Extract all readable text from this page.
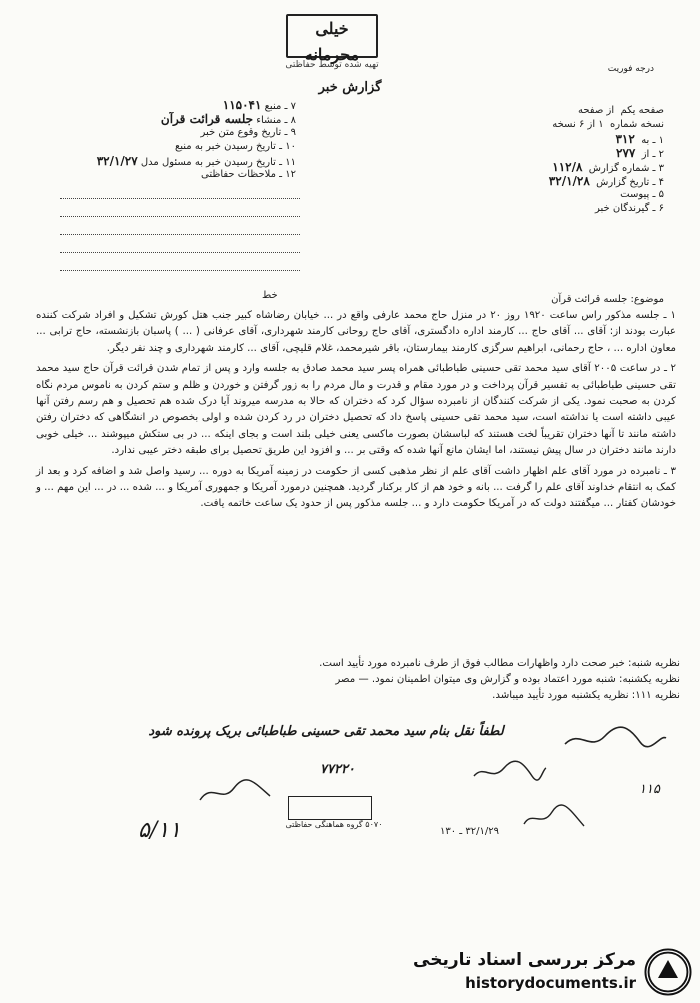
خیلی محرمانه
تهیه شده توسط حفاظتی	درجه فوریت
گزارش خبر
۷ ـ منبع ۱۱۵۰۴۱
۸ ـ منشاء جلسه قرائت قرآن
۹ ـ تاریخ وقوع متن خبر
۱۰ ـ تاریخ رسیدن خبر به منبع
۱۱ ـ تاریخ رسیدن خبر به مسئول مدل ۳۲/۱/۲۷
۱۲ ـ ملاحظات حفاظتی
صفحه یکم  از صفحه
نسخه شماره  ۱ از ۶ نسخه
۱ ـ به  ۳۱۲
۲ ـ از  ۲۷۷
۳ ـ شماره گزارش  ۱۱۲/۸
۴ ـ تاریخ گزارش  ۳۲/۱/۲۸
۵ ـ پیوست
۶ ـ گیرندگان خبر
خط	موضوع: جلسه قرائت قرآن

۱ ـ جلسه مذکور راس ساعت ۱۹۲۰ روز ۲۰ در منزل حاج محمد عارفی واقع در ... خیابان رضاشاه کبیر جنب هتل کورش تشکیل و افراد شرکت کننده عبارت بودند از: آقای ... آقای حاج ... کارمند اداره دادگستری، آقای حاج روحانی کارمند شهرداری، آقای عرفانی ( ... ) پاسبان بازنشسته، حاج ترابی ... معاون اداره ... ، حاج رحمانی، ابراهیم سرگزی کارمند بیمارستان، باقر شیرمحمد، غلام قلیچی، آقای ... کارمند شهرداری و چند نفر دیگر.

۲ ـ در ساعت ۲۰۰۵ آقای سید محمد تقی حسینی طباطبائی همراه پسر سید محمد صادق به جلسه وارد و پس از تمام شدن قرائت قرآن حاج سید محمد تقی حسینی طباطبائی به تفسیر قرآن پرداخت و در مورد مقام و قدرت و مال مردم را به زور گرفتن و خوردن و ظلم و ستم کردن به ناموس مردم نگاه کردن به صحبت نمود. یکی از شرکت کنندگان از نامبرده سؤال کرد که دختران که حالا به مدرسه میروند آیا درک شده هم تحصیل و هم رسم رفتن آنها عیبی داشته است یا نداشته است، سید محمد تقی حسینی پاسخ داد که تحصیل دختران در رد کردن شده و اولی بخصوص در انشگاهی که دختران رفتن داشته مانند تا آنها دختران تقریباً لخت هستند که لباسشان بصورت ماکسی یعنی خیلی بلند است و بجای اینکه ... در بی ستکش میپوشند ... خیلی خوبی دارند مانند دختران در سال پیش نیستند، اما ایشان مانع آنها شده که وقتی بر ... و افزود این طریق تحصیل برای طبقه دختر عیبی ندارد.

۳ ـ نامبرده در مورد آقای علم اظهار داشت آقای علم از نظر مذهبی کسی از حکومت در زمینه آمریکا به دوره ... رسید واصل شد و اضافه کرد و بعد از کمک به انتقام خداوند آقای علم را گرفت ... بانه و خود هم از کار برکنار گردید. همچنین درمورد آمریکا و جمهوری آمریکا و ... شده ... در ... این مهم ... و خودشان کفتار ... میگفتند دولت که در آمریکا حکومت دارد و ... جلسه مذکور پس از حدود یک ساعت خاتمه یافت.

نظریه شنبه: خبر صحت دارد واظهارات مطالب فوق از طرف نامبرده مورد تأیید است.
نظریه یکشنبه: شنبه مورد اعتماد بوده و گزارش وی میتوان اطمینان نمود. — مصر
نظریه ۱۱۱: نظریه یکشنبه مورد تأیید میباشد.
لطفاً نقل بنام سید محمد تقی حسینی طباطبائی بریک پرونده شود
۷۷۲۲۰
۱۱۵
۵/۱۱	۵۰۷۰ گروه هماهنگی حفاظتی
۳۲/۱/۲۹ ـ ۱۳۰
مرکز بررسی اسناد تاریخی
historydocuments.ir
